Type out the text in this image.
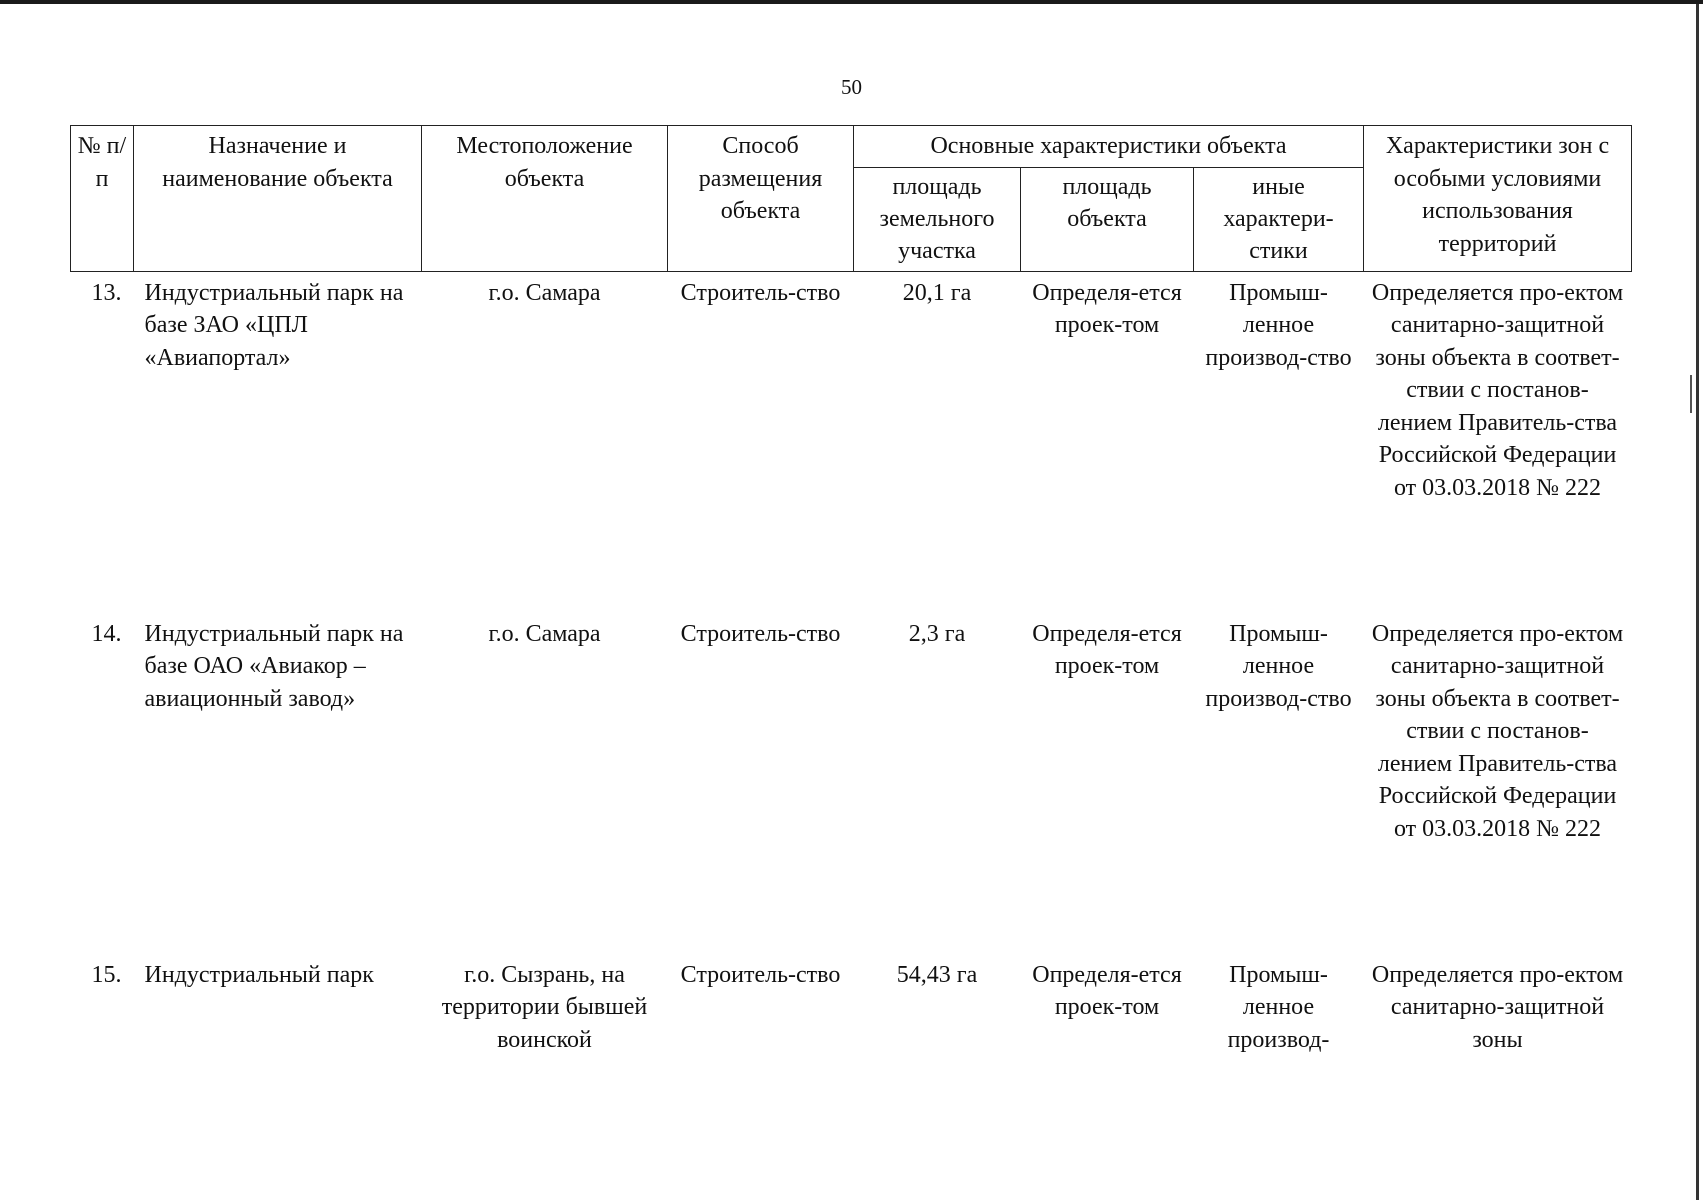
50
№ п/п	Назначение и наименование объекта	Местоположение объекта	Способ размещения объекта	Основные характеристики объекта			Характеристики зон с особыми условиями использования территорий
				площадь земельного участка	площадь объекта	иные характери-стики	
13.	Индустриальный парк на базе ЗАО «ЦПЛ «Авиапортал»	г.о. Самара	Строитель-ство	20,1 га	Определя-ется проек-том	Промыш-ленное производ-ство	Определяется про-ектом санитарно-защитной зоны объекта в соответ-ствии с постанов-лением Правитель-ства Российской Федерации от 03.03.2018 № 222
14.	Индустриальный парк на базе ОАО «Авиакор – авиационный завод»	г.о. Самара	Строитель-ство	2,3 га	Определя-ется проек-том	Промыш-ленное производ-ство	Определяется про-ектом санитарно-защитной зоны объекта в соответ-ствии с постанов-лением Правитель-ства Российской Федерации от 03.03.2018 № 222
15.	Индустриальный парк	г.о. Сызрань, на территории бывшей воинской	Строитель-ство	54,43 га	Определя-ется проек-том	Промыш-ленное производ-	Определяется про-ектом санитарно-защитной зоны
